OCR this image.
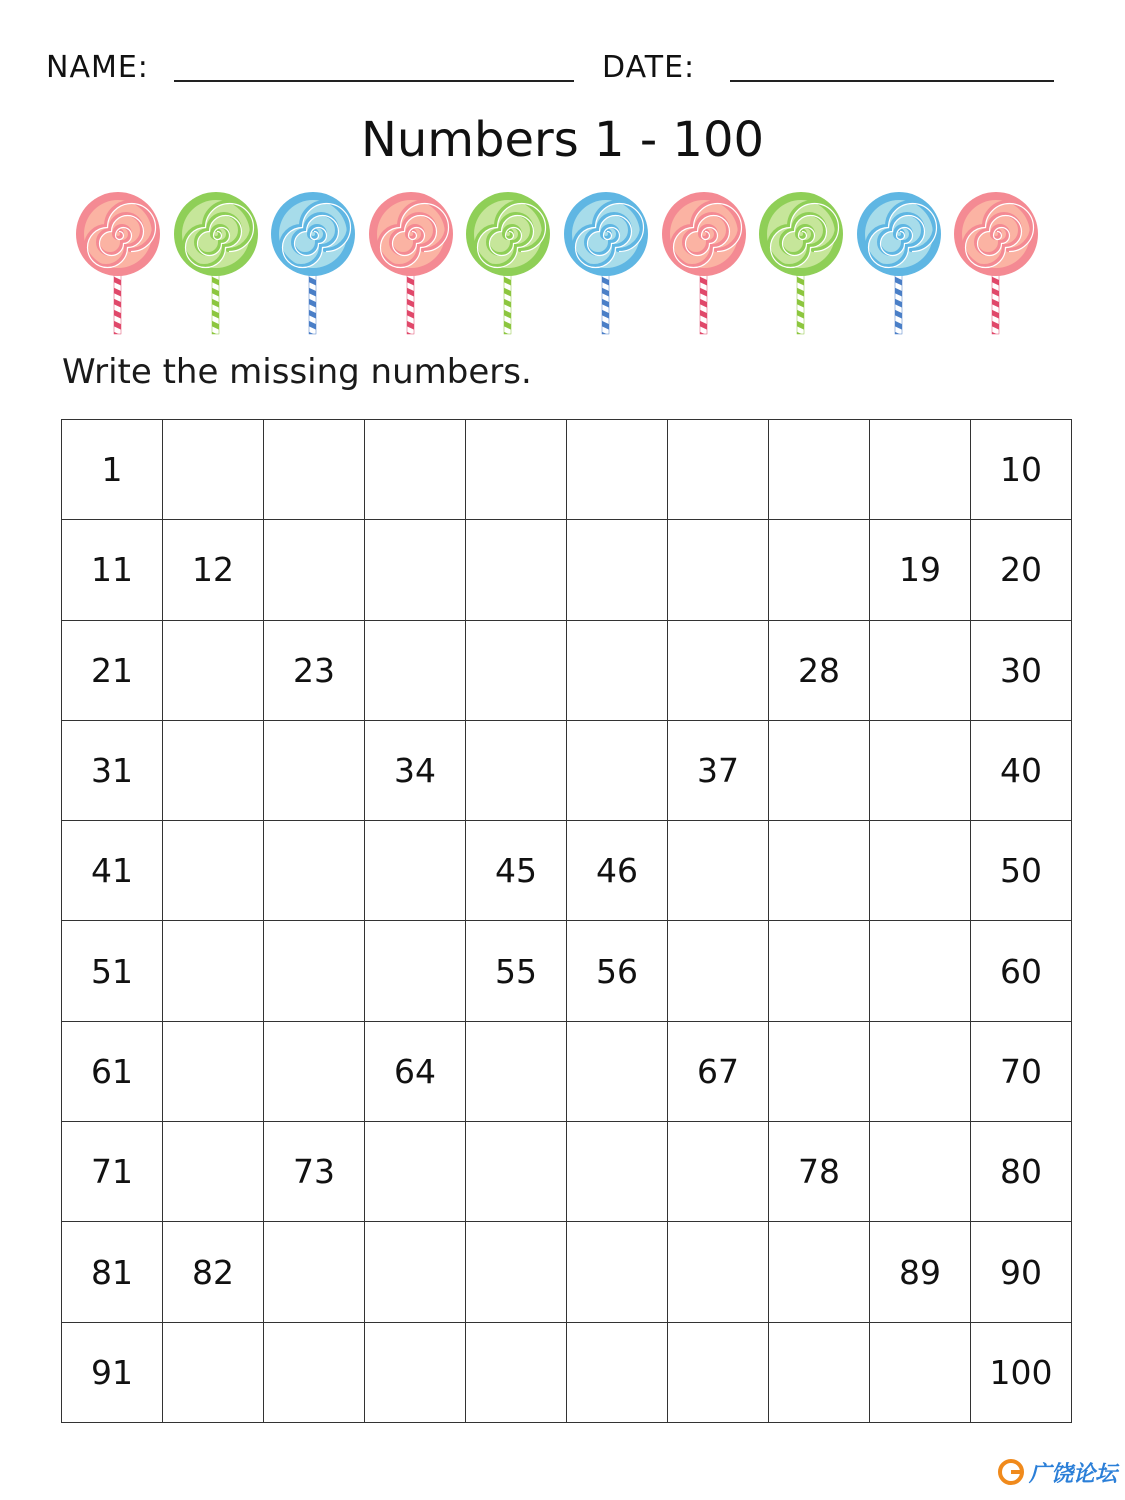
NAME:	DATE:
Numbers 1 - 100
Write the missing numbers.
1									10
11	12							19	20
21		23					28		30
31			34			37			40
41				45	46				50
51				55	56				60
61			64			67			70
71		73					78		80
81	82							89	90
91									100
广饶论坛
